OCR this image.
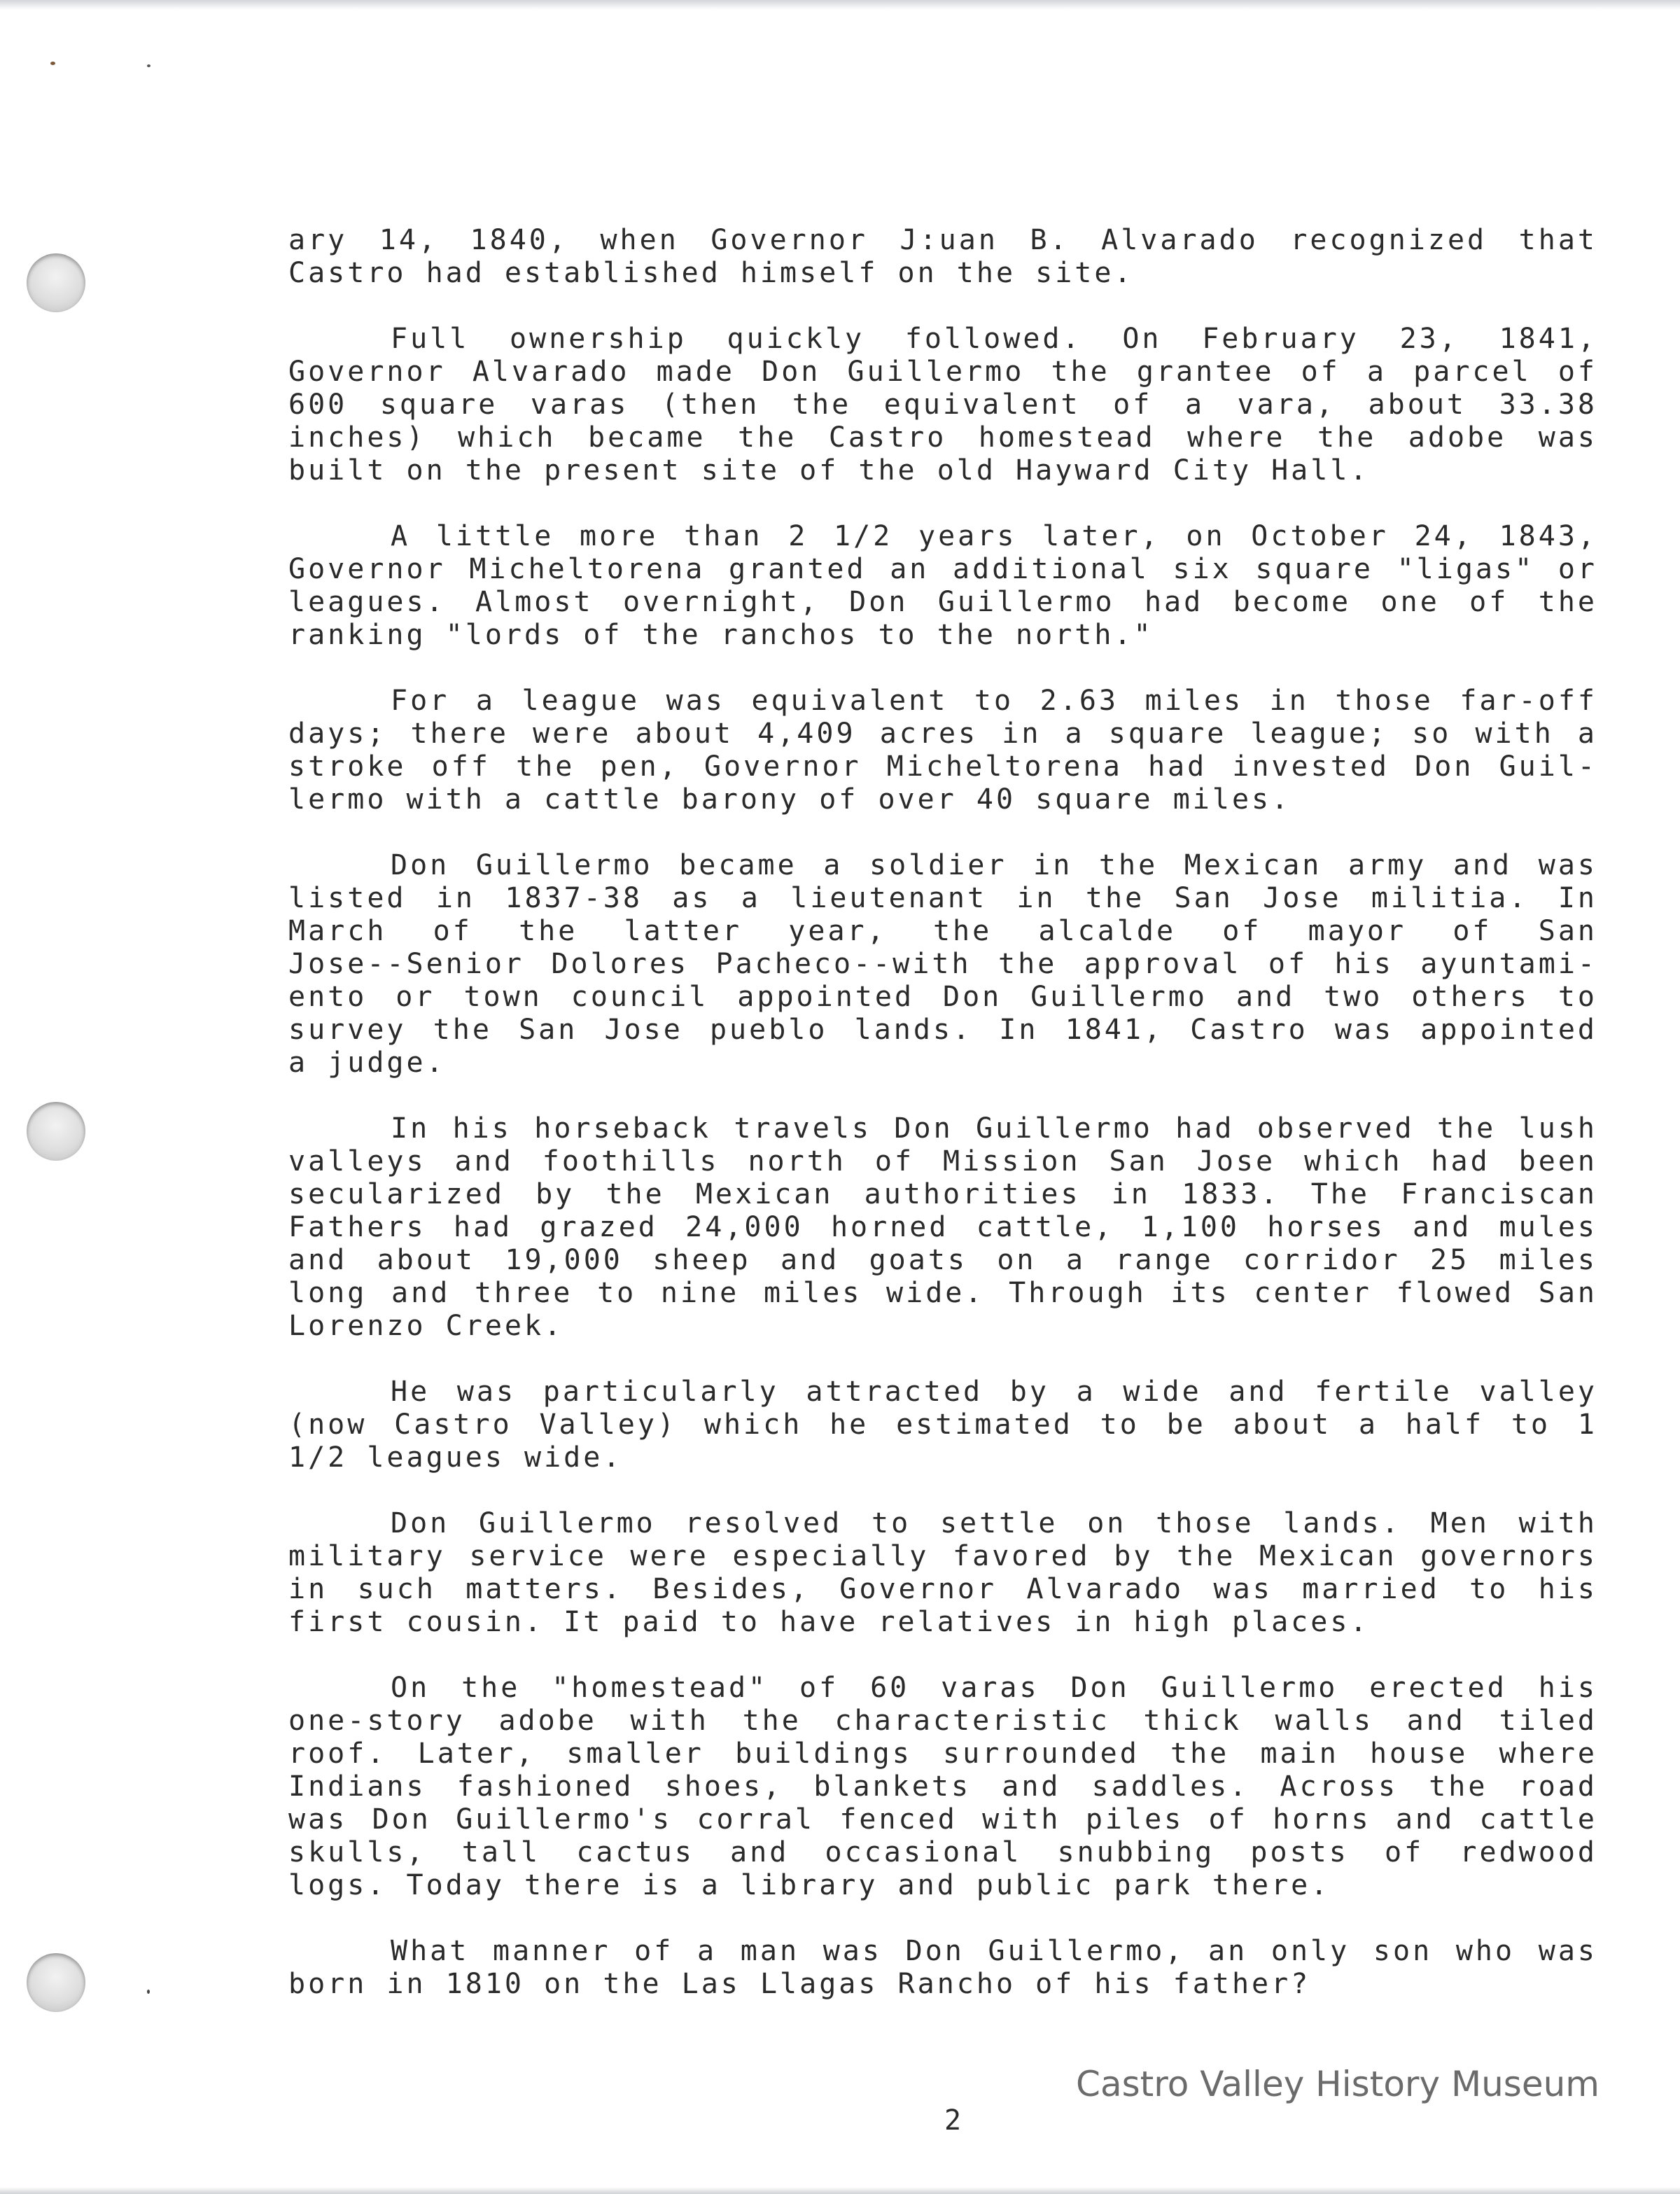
ary 14, 1840, when Governor J:uan B. Alvarado recognized that
Castro had established himself on the site.
Full ownership quickly followed. On February 23, 1841,
Governor Alvarado made Don Guillermo the grantee of a parcel of
600 square varas (then the equivalent of a vara, about 33.38
inches) which became the Castro homestead where the adobe was
built on the present site of the old Hayward City Hall.
A little more than 2 1/2 years later, on October 24, 1843,
Governor Micheltorena granted an additional six square "ligas" or
leagues. Almost overnight, Don Guillermo had become one of the
ranking "lords of the ranchos to the north."
For a league was equivalent to 2.63 miles in those far-off
days; there were about 4,409 acres in a square league; so with a
stroke off the pen, Governor Micheltorena had invested Don Guil-
lermo with a cattle barony of over 40 square miles.
Don Guillermo became a soldier in the Mexican army and was
listed in 1837-38 as a lieutenant in the San Jose militia. In
March of the latter year, the alcalde of mayor of San
Jose--Senior Dolores Pacheco--with the approval of his ayuntami-
ento or town council appointed Don Guillermo and two others to
survey the San Jose pueblo lands. In 1841, Castro was appointed
a judge.
In his horseback travels Don Guillermo had observed the lush
valleys and foothills north of Mission San Jose which had been
secularized by the Mexican authorities in 1833. The Franciscan
Fathers had grazed 24,000 horned cattle, 1,100 horses and mules
and about 19,000 sheep and goats on a range corridor 25 miles
long and three to nine miles wide. Through its center flowed San
Lorenzo Creek.
He was particularly attracted by a wide and fertile valley
(now Castro Valley) which he estimated to be about a half to 1
1/2 leagues wide.
Don Guillermo resolved to settle on those lands. Men with
military service were especially favored by the Mexican governors
in such matters. Besides, Governor Alvarado was married to his
first cousin. It paid to have relatives in high places.
On the "homestead" of 60 varas Don Guillermo erected his
one-story adobe with the characteristic thick walls and tiled
roof. Later, smaller buildings surrounded the main house where
Indians fashioned shoes, blankets and saddles. Across the road
was Don Guillermo's corral fenced with piles of horns and cattle
skulls, tall cactus and occasional snubbing posts of redwood
logs. Today there is a library and public park there.
What manner of a man was Don Guillermo, an only son who was
born in 1810 on the Las Llagas Rancho of his father?
Castro Valley History Museum
2
